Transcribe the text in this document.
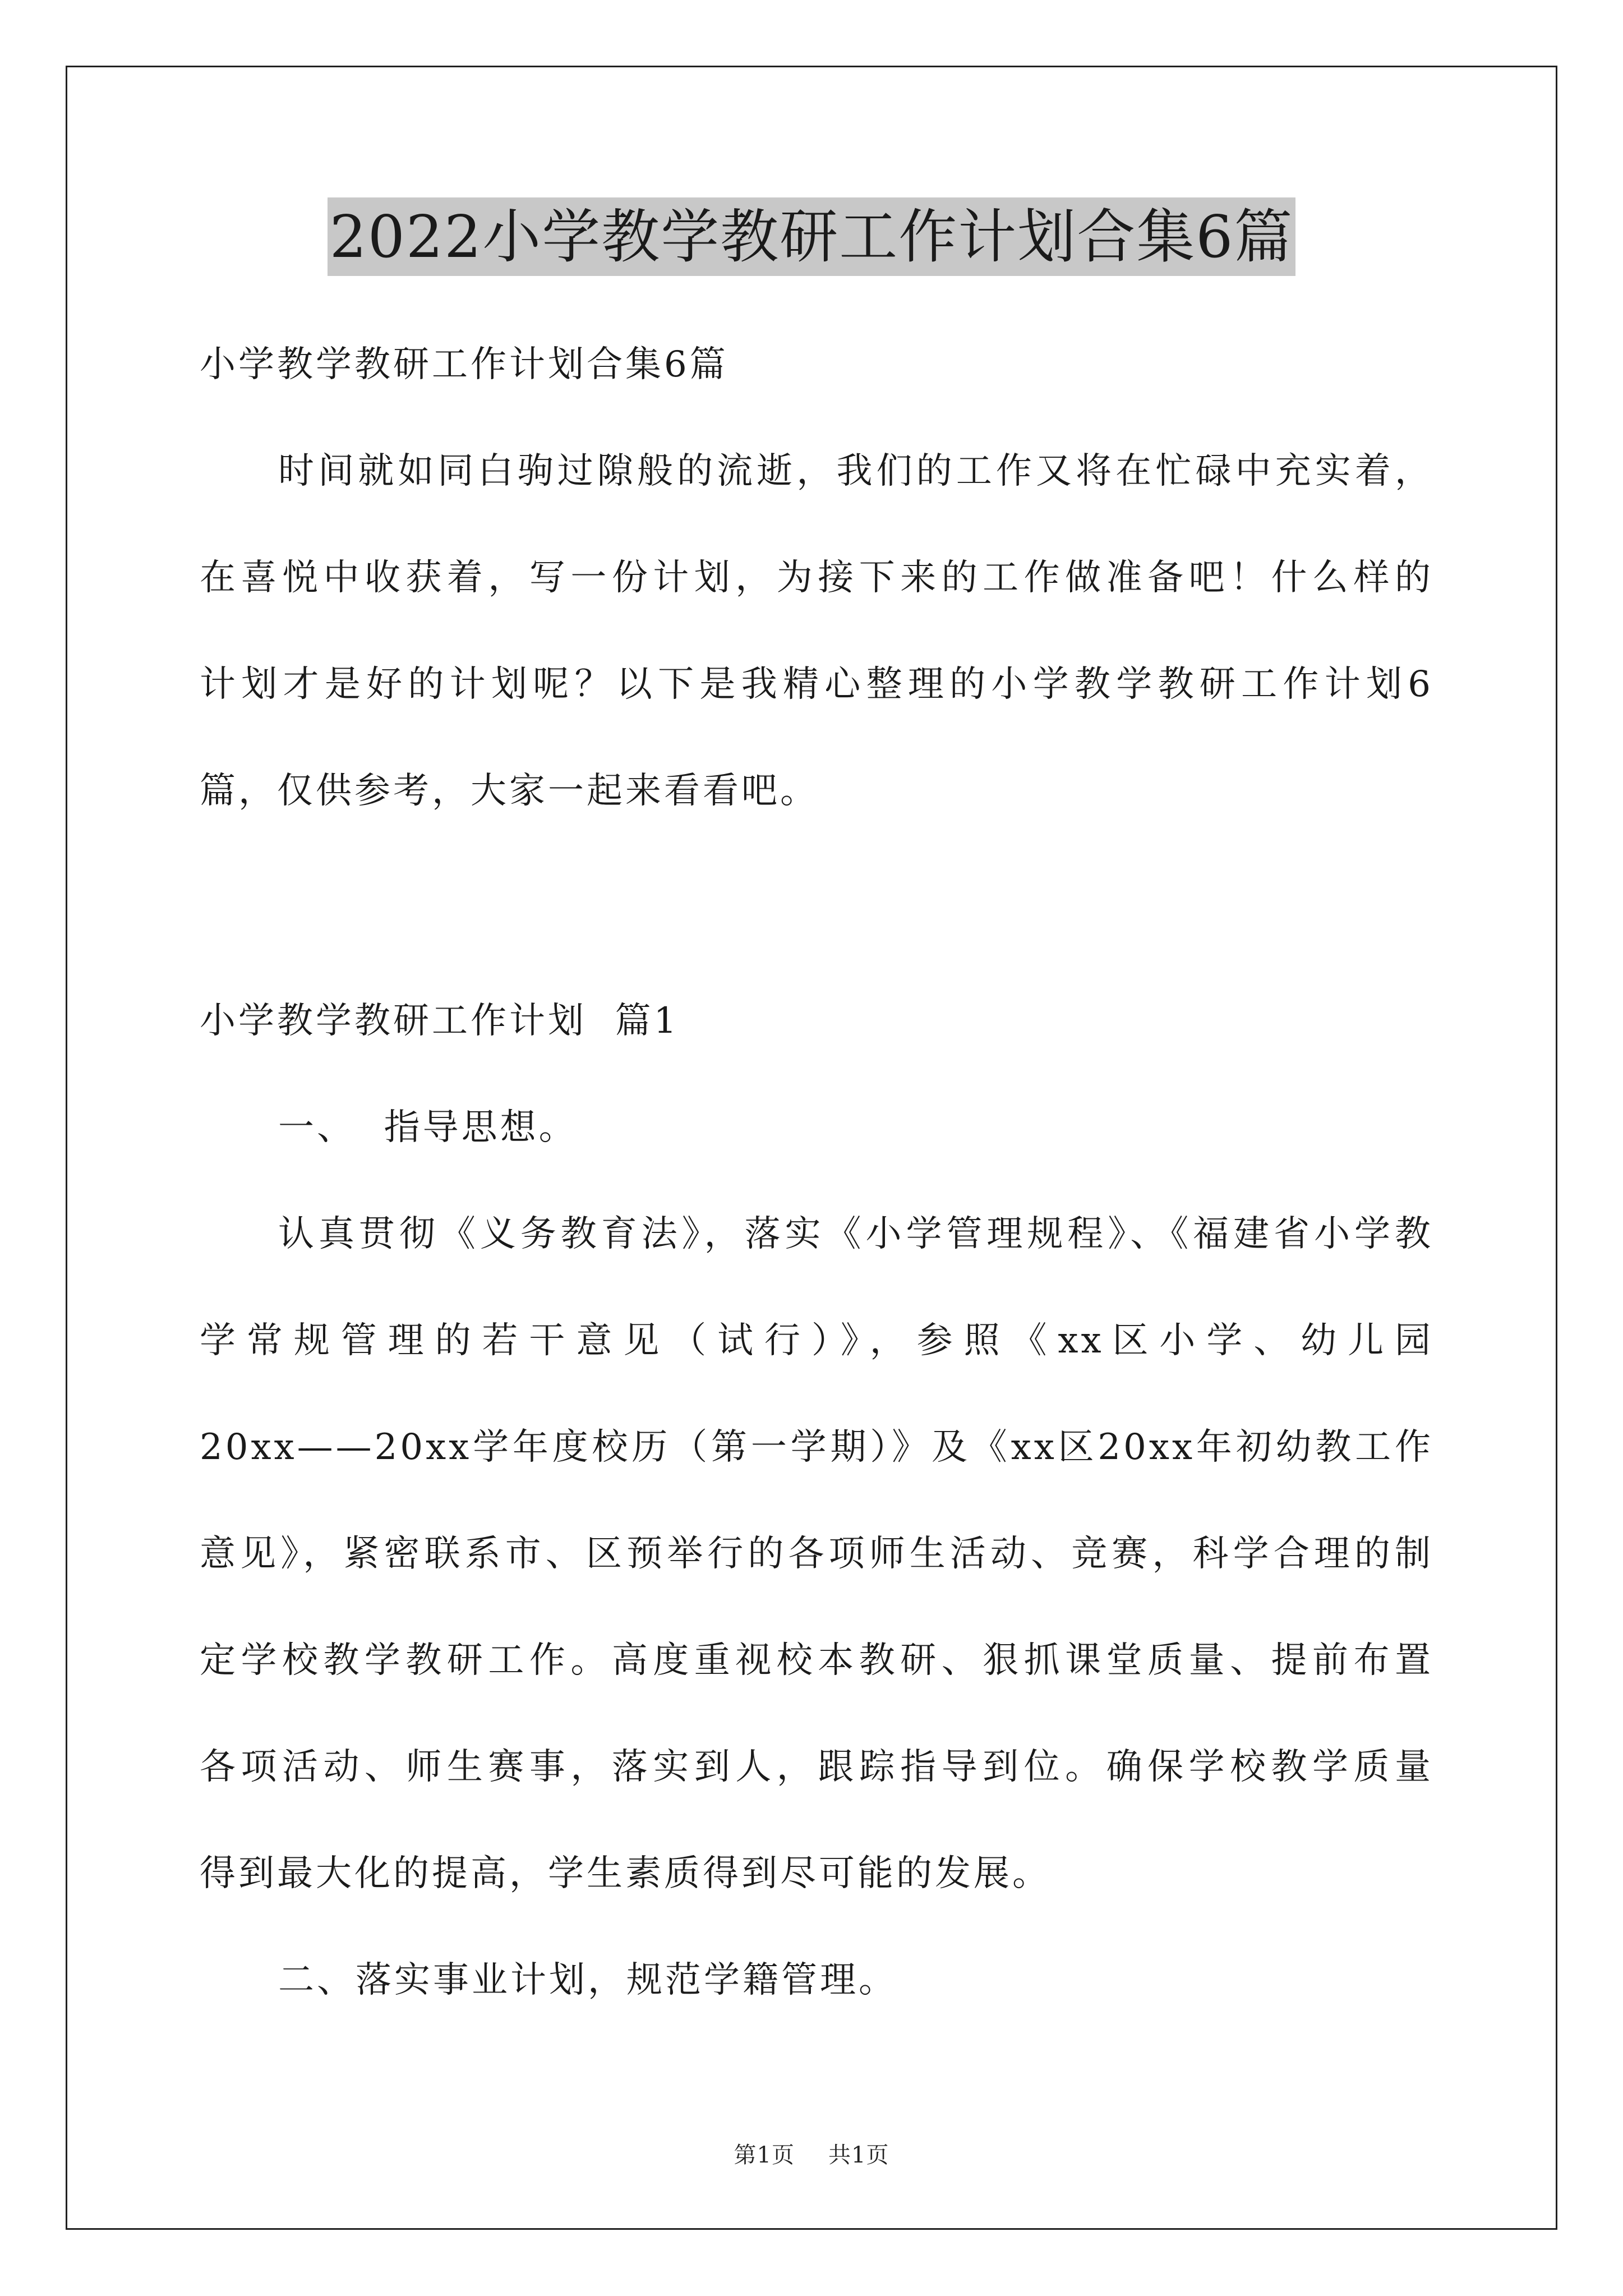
2022小学教学教研工作计划合集6篇
小学教学教研工作计划合集6篇
时间就如同白驹过隙般的流逝，我们的工作又将在忙碌中充实着，
在喜悦中收获着，写一份计划，为接下来的工作做准备吧！什么样的
计划才是好的计划呢？以下是我精心整理的小学教学教研工作计划6
篇，仅供参考，大家一起来看看吧。
小学教学教研工作计划  篇1
一、  指导思想。
认真贯彻《义务教育法》，落实《小学管理规程》、《福建省小学教
学常规管理的若干意见（试行）》，参照《xx区小学、幼儿园
20xx——20xx学年度校历（第一学期）》及《xx区20xx年初幼教工作
意见》，紧密联系市、区预举行的各项师生活动、竞赛，科学合理的制
定学校教学教研工作。高度重视校本教研、狠抓课堂质量、提前布置
各项活动、师生赛事，落实到人，跟踪指导到位。确保学校教学质量
得到最大化的提高，学生素质得到尽可能的发展。
二、落实事业计划，规范学籍管理。
第1页 共1页
